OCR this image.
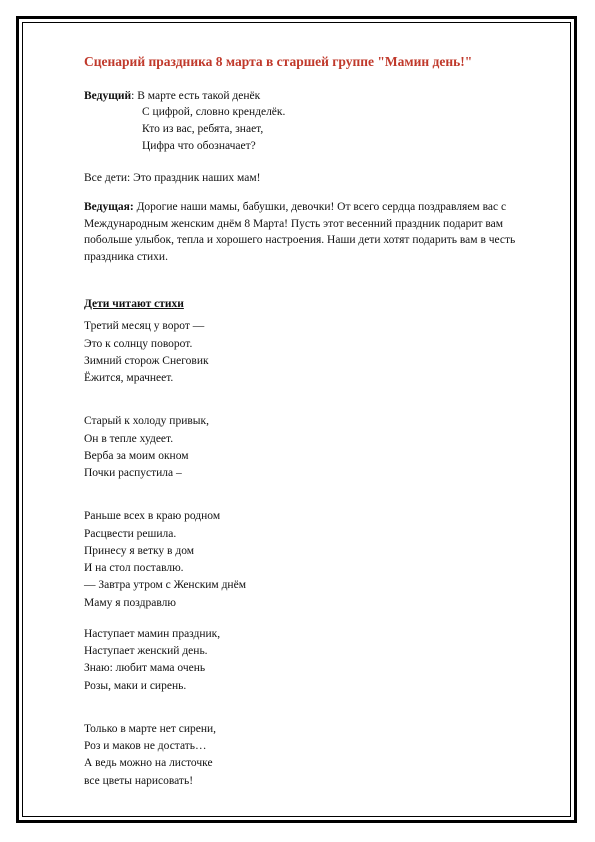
Сценарий праздника 8 марта в старшей группе "Мамин день!"

Ведущий: В марте есть такой денёк

С цифрой, словно кренделёк.

Кто из вас, ребята, знает,

Цифра что обозначает?

Все дети: Это праздник наших мам!

Ведущая: Дорогие наши мамы, бабушки, девочки! От всего сердца поздравляем вас с Международным женским днём 8 Марта! Пусть этот весенний праздник подарит вам побольше улыбок, тепла и хорошего настроения. Наши дети хотят подарить вам в честь праздника стихи.

Дети читают стихи

Третий месяц у ворот —

Это к солнцу поворот.

Зимний сторож Снеговик

Ёжится, мрачнеет.

Старый к холоду привык,

Он в тепле худеет.

Верба за моим окном

Почки распустила –

Раньше всех в краю родном

Расцвести решила.

Принесу я ветку в дом

И на стол поставлю.

— Завтра утром с Женским днём

Маму я поздравлю

Наступает мамин праздник,

Наступает женский день.

Знаю: любит мама очень

Розы, маки и сирень.

Только в марте нет сирени,

Роз и маков не достать…

А ведь можно на листочке

все цветы нарисовать!
